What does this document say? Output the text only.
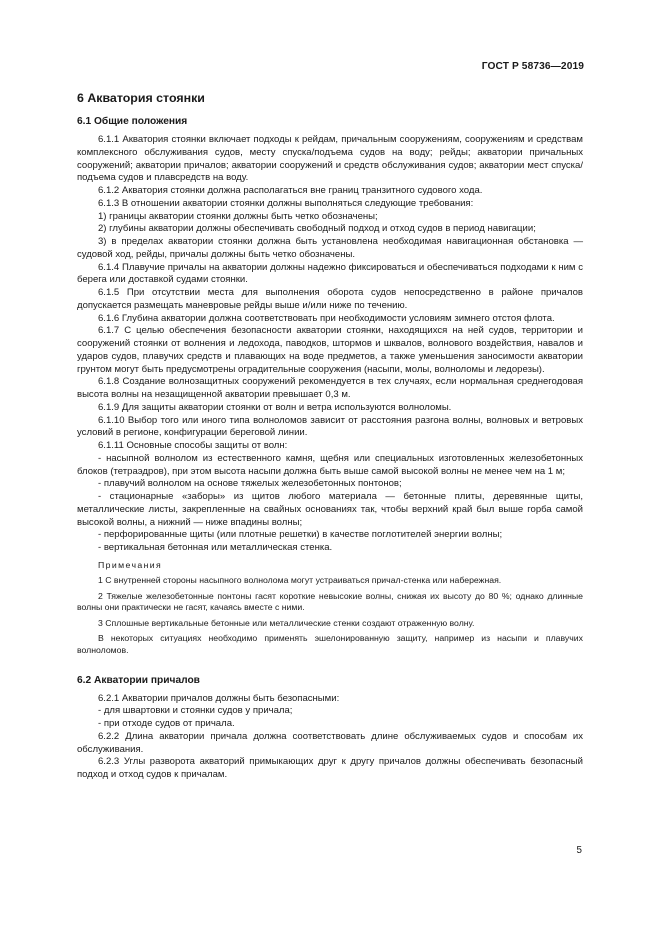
ГОСТ Р 58736—2019
6 Акватория стоянки
6.1 Общие положения

6.1.1 Акватория стоянки включает подходы к рейдам, причальным сооружениям, сооружениям и средствам комплексного обслуживания судов, месту спуска/подъема судов на воду; рейды; акватории причальных сооружений; акватории причалов; акватории сооружений и средств обслуживания судов; акватории мест спуска/подъема судов и плавсредств на воду.

6.1.2 Акватория стоянки должна располагаться вне границ транзитного судового хода.

6.1.3 В отношении акватории стоянки должны выполняться следующие требования:

1) границы акватории стоянки должны быть четко обозначены;

2) глубины акватории должны обеспечивать свободный подход и отход судов в период навигации;

3) в пределах акватории стоянки должна быть установлена необходимая навигационная обстановка — судовой ход, рейды, причалы должны быть четко обозначены.

6.1.4 Плавучие причалы на акватории должны надежно фиксироваться и обеспечиваться подходами к ним с берега или доставкой судами стоянки.

6.1.5 При отсутствии места для выполнения оборота судов непосредственно в районе причалов допускается размещать маневровые рейды выше и/или ниже по течению.

6.1.6 Глубина акватории должна соответствовать при необходимости условиям зимнего отстоя флота.

6.1.7 С целью обеспечения безопасности акватории стоянки, находящихся на ней судов, территории и сооружений стоянки от волнения и ледохода, паводков, штормов и шквалов, волнового воздействия, навалов и ударов судов, плавучих средств и плавающих на воде предметов, а также уменьшения заносимости акватории грунтом могут быть предусмотрены оградительные сооружения (насыпи, молы, волноломы и ледорезы).

6.1.8 Создание волнозащитных сооружений рекомендуется в тех случаях, если нормальная среднегодовая высота волны на незащищенной акватории превышает 0,3 м.

6.1.9 Для защиты акватории стоянки от волн и ветра используются волноломы.

6.1.10 Выбор того или иного типа волноломов зависит от расстояния разгона волны, волновых и ветровых условий в регионе, конфигурации береговой линии.

6.1.11 Основные способы защиты от волн:

- насыпной волнолом из естественного камня, щебня или специальных изготовленных железобетонных блоков (тетраэдров), при этом высота насыпи должна быть выше самой высокой волны не менее чем на 1 м;

- плавучий волнолом на основе тяжелых железобетонных понтонов;

- стационарные «заборы» из щитов любого материала — бетонные плиты, деревянные щиты, металлические листы, закрепленные на свайных основаниях так, чтобы верхний край был выше горба самой высокой волны, а нижний — ниже впадины волны;

- перфорированные щиты (или плотные решетки) в качестве поглотителей энергии волны;

- вертикальная бетонная или металлическая стенка.

Примечания

1 С внутренней стороны насыпного волнолома могут устраиваться причал-стенка или набережная.

2 Тяжелые железобетонные понтоны гасят короткие невысокие волны, снижая их высоту до 80 %; однако длинные волны они практически не гасят, качаясь вместе с ними.

3 Сплошные вертикальные бетонные или металлические стенки создают отраженную волну.

В некоторых ситуациях необходимо применять эшелонированную защиту, например из насыпи и плавучих волноломов.

6.2 Акватории причалов

6.2.1 Акватории причалов должны быть безопасными:

- для швартовки и стоянки судов у причала;

- при отходе судов от причала.

6.2.2 Длина акватории причала должна соответствовать длине обслуживаемых судов и способам их обслуживания.

6.2.3 Углы разворота акваторий примыкающих друг к другу причалов должны обеспечивать безопасный подход и отход судов к причалам.

5
